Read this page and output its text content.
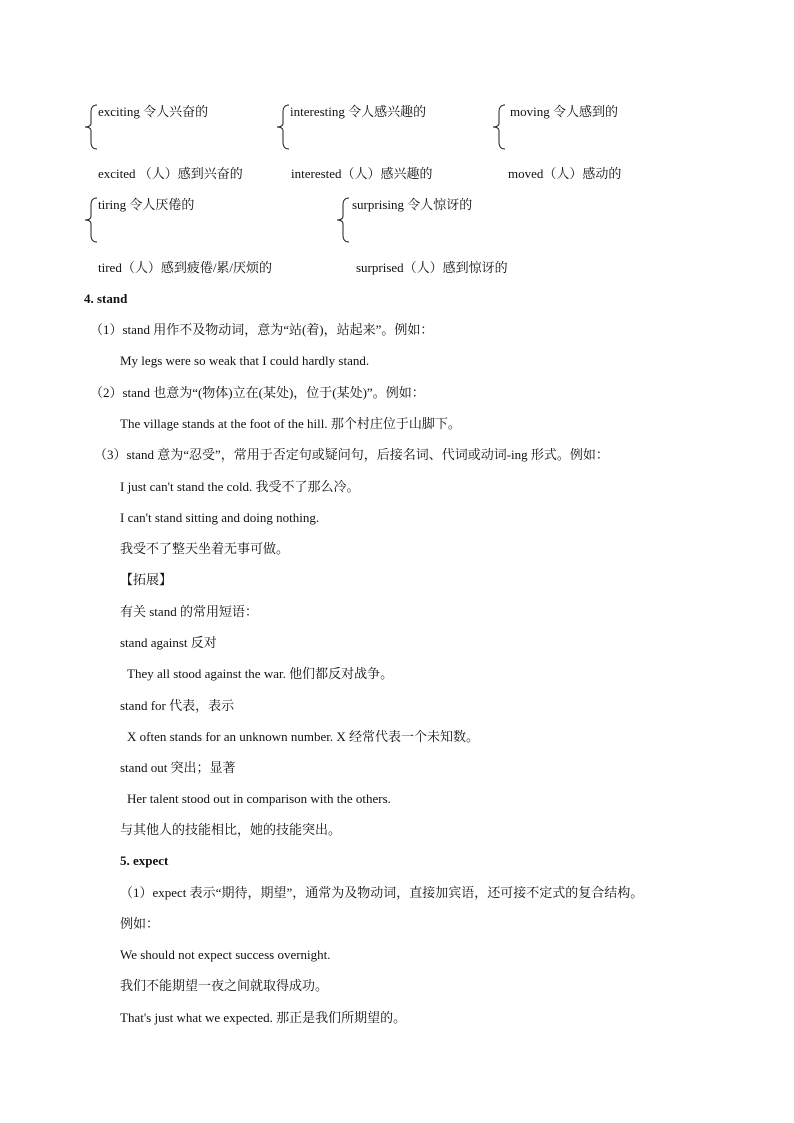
exciting 令人兴奋的	interesting 令人感兴趣的	moving 令人感到的
excited （人）感到兴奋的	interested（人）感兴趣的	moved（人）感动的
tiring 令人厌倦的	surprising 令人惊讶的
tired（人）感到疲倦/累/厌烦的	surprised（人）感到惊讶的
4. stand
（1）stand 用作不及物动词，意为“站(着)，站起来”。例如：
My legs were so weak that I could hardly stand.
（2）stand 也意为“(物体)立在(某处)，位于(某处)”。例如：
The village stands at the foot of the hill. 那个村庄位于山脚下。
（3）stand 意为“忍受”，常用于否定句或疑问句，后接名词、代词或动词-ing 形式。例如：
I just can't stand the cold. 我受不了那么冷。
I can't stand sitting and doing nothing.
我受不了整天坐着无事可做。
【拓展】
有关 stand 的常用短语：
stand against 反对
They all stood against the war. 他们都反对战争。
stand for 代表，表示
X often stands for an unknown number. X 经常代表一个未知数。
stand out 突出；显著
Her talent stood out in comparison with the others.
与其他人的技能相比，她的技能突出。
5. expect
（1）expect 表示“期待，期望”，通常为及物动词，直接加宾语，还可接不定式的复合结构。
例如：
We should not expect success overnight.
我们不能期望一夜之间就取得成功。
That's just what we expected. 那正是我们所期望的。
